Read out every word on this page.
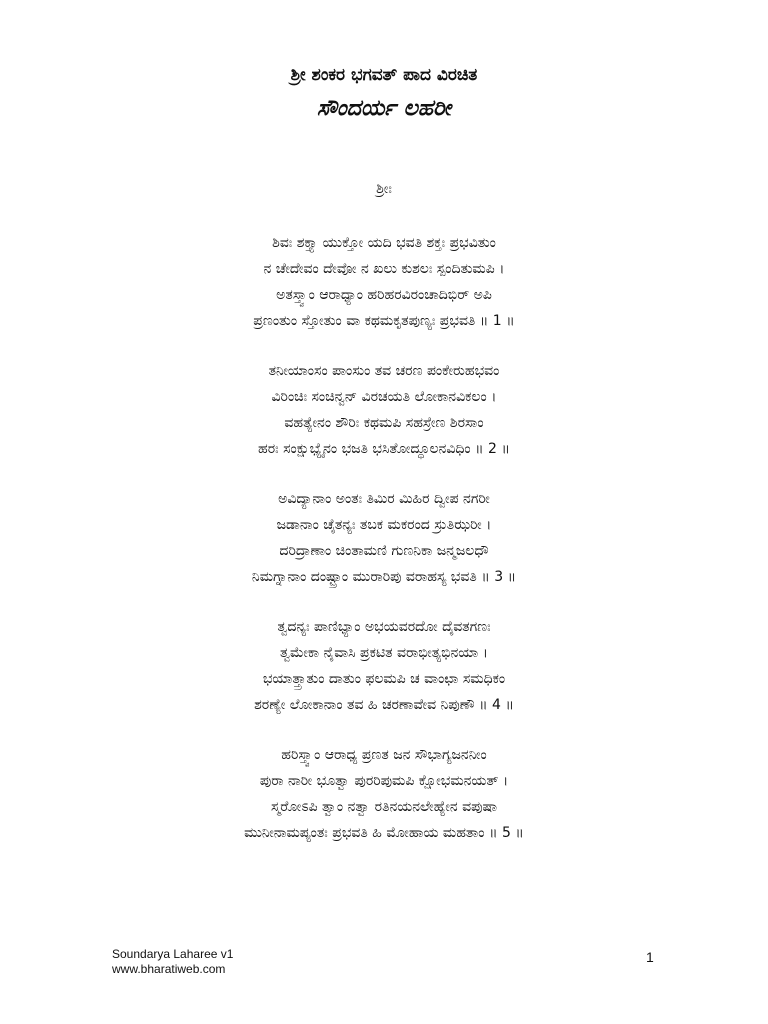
ಶ್ರೀ ಶಂಕರ ಭಗವತ್ ಪಾದ ವಿರಚಿತ
ಸೌಂದರ್ಯ ಲಹರೀ
ಶ್ರೀಃ
ಶಿವಃ ಶಕ್ತ್ಯಾ ಯುಕ್ತೋ ಯದಿ ಭವತಿ ಶಕ್ತಃ ಪ್ರಭವಿತುಂ
ನ ಚೇದೇವಂ ದೇವೋ ನ ಖಲು ಕುಶಲಃ ಸ್ಪಂದಿತುಮಪಿ ।
ಅತಸ್ತ್ವಾಂ ಆರಾಧ್ಯಾಂ ಹರಿಹರವಿರಂಚಾದಿಭಿರ್ ಅಪಿ
ಪ್ರಣಂತುಂ ಸ್ತೋತುಂ ವಾ ಕಥಮಕೃತಪುಣ್ಯಃ ಪ್ರಭವತಿ ॥ 1 ॥
ತನೀಯಾಂಸಂ ಪಾಂಸುಂ ತವ ಚರಣ ಪಂಕೇರುಹಭವಂ
ವಿರಿಂಚಿಃ ಸಂಚಿನ್ವನ್ ವಿರಚಯತಿ ಲೋಕಾನವಿಕಲಂ ।
ವಹತ್ಯೇನಂ ಶೌರಿಃ ಕಥಮಪಿ ಸಹಸ್ರೇಣ ಶಿರಸಾಂ
ಹರಃ ಸಂಕ್ಷುಭ್ಯೈನಂ ಭಜತಿ ಭಸಿತೋದ್ಧೂಲನವಿಧಿಂ ॥ 2 ॥
ಅವಿದ್ಯಾನಾಂ ಅಂತಃ ತಿಮಿರ ಮಿಹಿರ ದ್ವೀಪ ನಗರೀ
ಜಡಾನಾಂ ಚೈತನ್ಯಃ ತಬಕ ಮಕರಂದ ಸ್ರುತಿಝರೀ ।
ದರಿದ್ರಾಣಾಂ ಚಿಂತಾಮಣಿ ಗುಣನಿಕಾ ಜನ್ಮಜಲಧೌ
ನಿಮಗ್ನಾನಾಂ ದಂಷ್ಟ್ರಾಂ ಮುರಾರಿಪು ವರಾಹಸ್ಯ ಭವತಿ ॥ 3 ॥
ತ್ವದನ್ಯಃ ಪಾಣಿಭ್ಯಾಂ ಅಭಯವರದೋ ದೈವತಗಣಃ
ತ್ವಮೇಕಾ ನೈವಾಸಿ ಪ್ರಕಟಿತ ವರಾಭೀತ್ಯಭಿನಯಾ ।
ಭಯಾತ್ತ್ರಾತುಂ ದಾತುಂ ಫಲಮಪಿ ಚ ವಾಂಛಾ ಸಮಧಿಕಂ
ಶರಣ್ಯೇ ಲೋಕಾನಾಂ ತವ ಹಿ ಚರಣಾವೇವ ನಿಪುಣೌ ॥ 4 ॥
ಹರಿಸ್ತ್ವಾಂ ಆರಾಧ್ಯ ಪ್ರಣತ ಜನ ಸೌಭಾಗ್ಯಜನನೀಂ
ಪುರಾ ನಾರೀ ಭೂತ್ವಾ ಪುರರಿಪುಮಪಿ ಕ್ಷೋಭಮನಯತ್ ।
ಸ್ಮರೋಽಪಿ ತ್ವಾಂ ನತ್ವಾ ರತಿನಯನಲೇಹ್ಯೇನ ವಪುಷಾ
ಮುನೀನಾಮಪ್ಯಂತಃ ಪ್ರಭವತಿ ಹಿ ಮೋಹಾಯ ಮಹತಾಂ ॥ 5 ॥
Soundarya Laharee v1
www.bharatiweb.com
1
